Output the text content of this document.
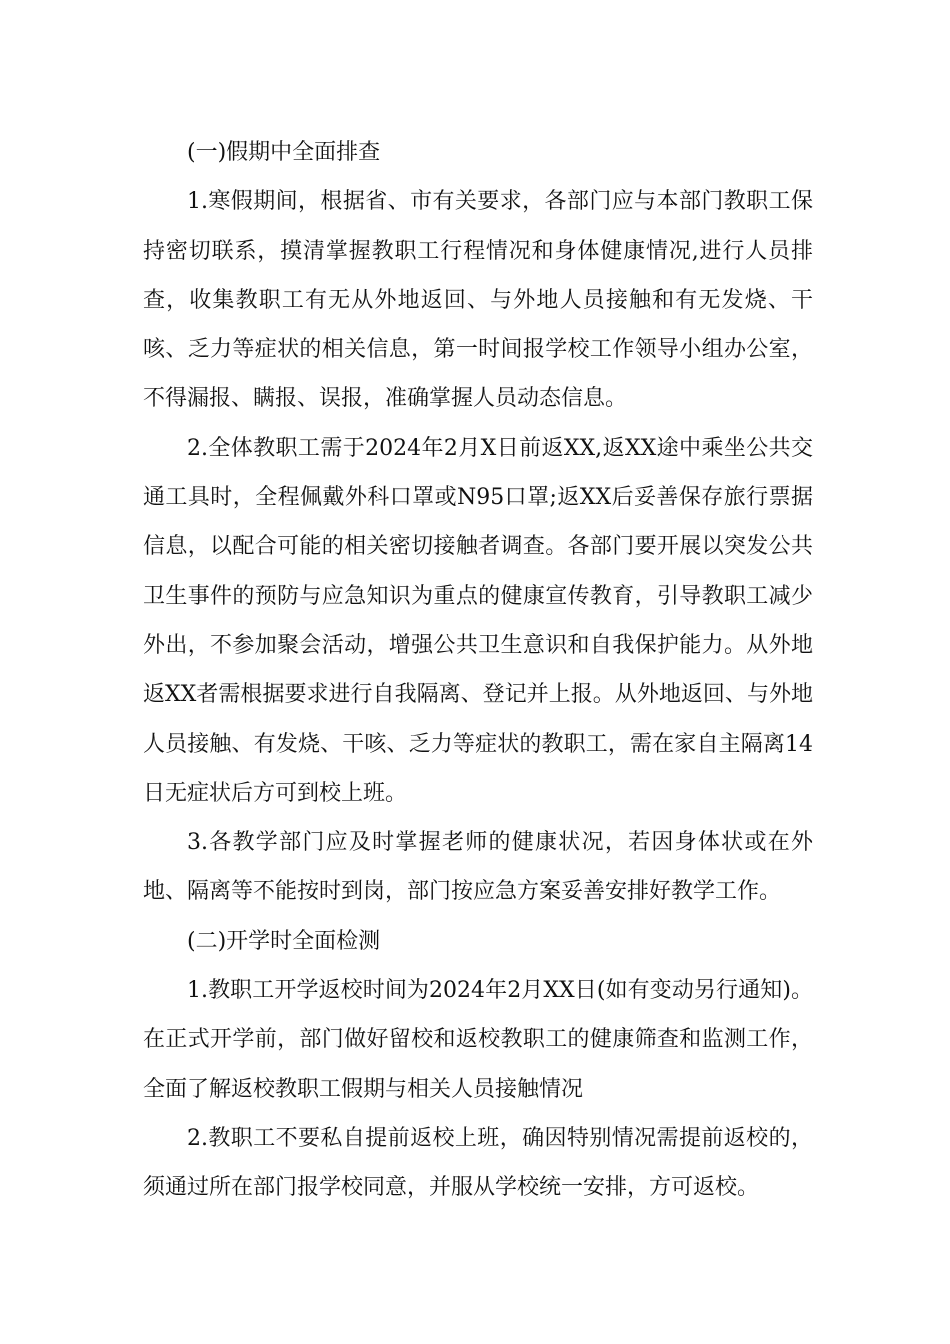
(一)假期中全面排查

1.寒假期间，根据省、市有关要求，各部门应与本部门教职工保持密切联系，摸清掌握教职工行程情况和身体健康情况,进行人员排查，收集教职工有无从外地返回、与外地人员接触和有无发烧、干咳、乏力等症状的相关信息，第一时间报学校工作领导小组办公室，不得漏报、瞒报、误报，准确掌握人员动态信息。

2.全体教职工需于2024年2月X日前返XX,返XX途中乘坐公共交通工具时，全程佩戴外科口罩或N95口罩;返XX后妥善保存旅行票据信息，以配合可能的相关密切接触者调查。各部门要开展以突发公共卫生事件的预防与应急知识为重点的健康宣传教育，引导教职工减少外出，不参加聚会活动，增强公共卫生意识和自我保护能力。从外地返XX者需根据要求进行自我隔离、登记并上报。从外地返回、与外地人员接触、有发烧、干咳、乏力等症状的教职工，需在家自主隔离14日无症状后方可到校上班。

3.各教学部门应及时掌握老师的健康状况，若因身体状或在外地、隔离等不能按时到岗，部门按应急方案妥善安排好教学工作。

(二)开学时全面检测

1.教职工开学返校时间为2024年2月XX日(如有变动另行通知)。在正式开学前，部门做好留校和返校教职工的健康筛查和监测工作，全面了解返校教职工假期与相关人员接触情况

2.教职工不要私自提前返校上班，确因特别情况需提前返校的，须通过所在部门报学校同意，并服从学校统一安排，方可返校。
